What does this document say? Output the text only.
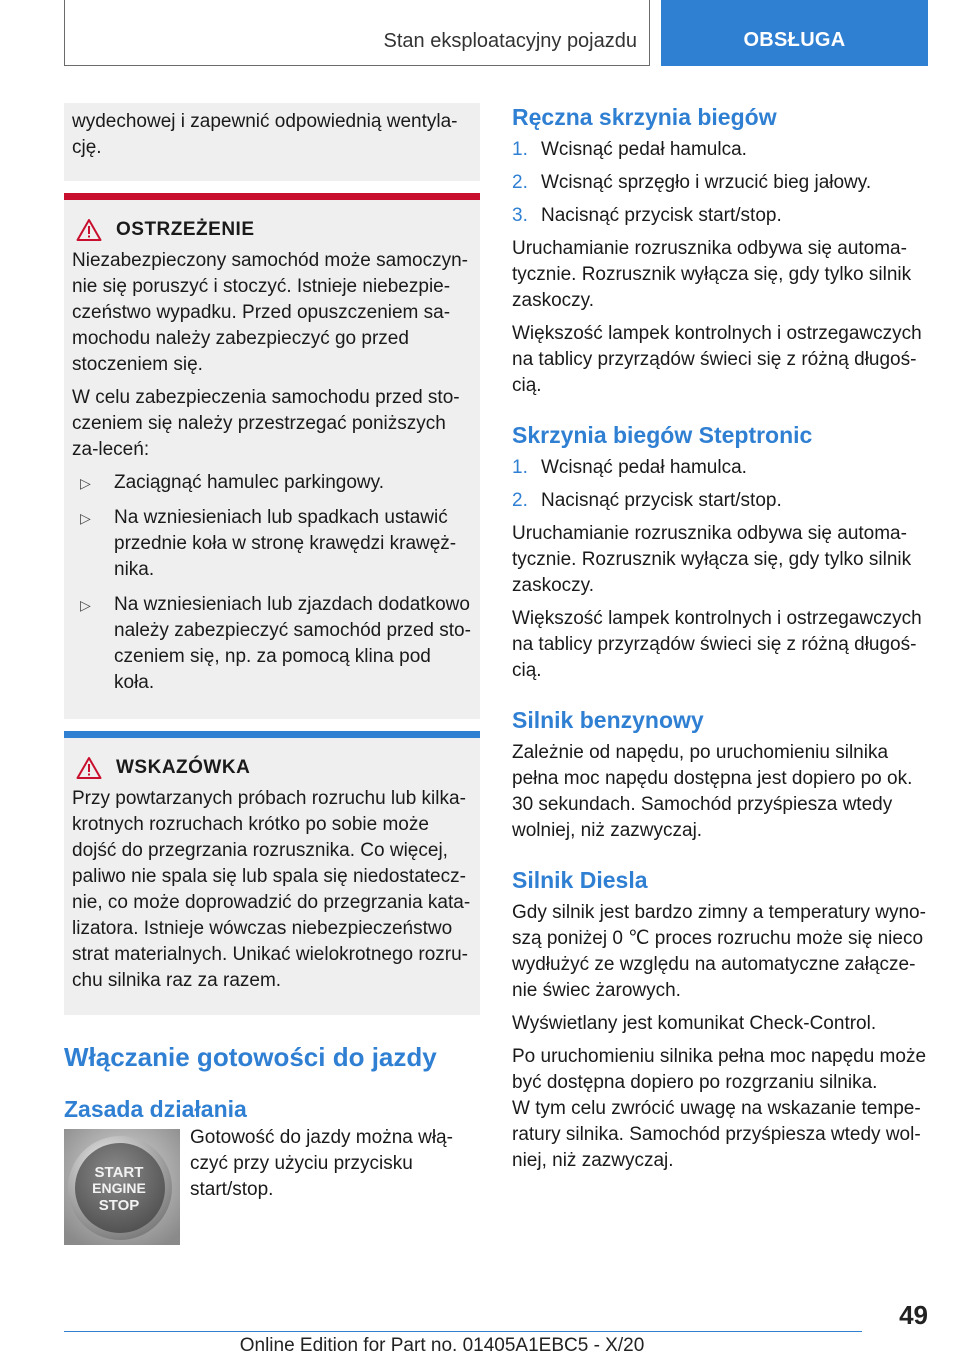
Stan eksploatacyjny pojazdu	OBSŁUGA

wydechowej i zapewnić odpowiednią wentyla-

cję.

OSTRZEŻENIE

Niezabezpieczony samochód może samoczyn-nie się poruszyć i stoczyć. Istnieje niebezpie-czeństwo wypadku. Przed opuszczeniem sa-mochodu należy zabezpieczyć go przed stoczeniem się.

W celu zabezpieczenia samochodu przed sto-czeniem się należy przestrzegać poniższych za-leceń:

▷ Zaciągnąć hamulec parkingowy.
▷ Na wzniesieniach lub spadkach ustawić przednie koła w stronę krawędzi krawęż-nika.
▷ Na wzniesieniach lub zjazdach dodatkowo należy zabezpieczyć samochód przed sto-czeniem się, np. za pomocą klina pod koła.
WSKAZÓWKA

Przy powtarzanych próbach rozruchu lub kilka-krotnych rozruchach krótko po sobie może dojść do przegrzania rozrusznika. Co więcej, paliwo nie spala się lub spala się niedostatecz-nie, co może doprowadzić do przegrzania kata-lizatora. Istnieje wówczas niebezpieczeństwo strat materialnych. Unikać wielokrotnego rozru-chu silnika raz za razem.

Włączanie gotowości do jazdy
Zasada działania
START
ENGINE
STOP

Gotowość do jazdy można włą-czyć przy użyciu przycisku start/stop.

Ręczna skrzynia biegów
1. Wcisnąć pedał hamulca.
2. Wcisnąć sprzęgło i wrzucić bieg jałowy.
3. Nacisnąć przycisk start/stop.

Uruchamianie rozrusznika odbywa się automa-tycznie. Rozrusznik wyłącza się, gdy tylko silnik zaskoczy.

Większość lampek kontrolnych i ostrzegawczych na tablicy przyrządów świeci się z różną długoś-cią.

Skrzynia biegów Steptronic
1. Wcisnąć pedał hamulca.
2. Nacisnąć przycisk start/stop.

Uruchamianie rozrusznika odbywa się automa-tycznie. Rozrusznik wyłącza się, gdy tylko silnik zaskoczy.

Większość lampek kontrolnych i ostrzegawczych na tablicy przyrządów świeci się z różną długoś-cią.

Silnik benzynowy

Zależnie od napędu, po uruchomieniu silnika pełna moc napędu dostępna jest dopiero po ok. 30 sekundach. Samochód przyśpiesza wtedy wolniej, niż zazwyczaj.

Silnik Diesla

Gdy silnik jest bardzo zimny a temperatury wyno-szą poniżej 0 ℃ proces rozruchu może się nieco wydłużyć ze względu na automatyczne załącze-nie świec żarowych.

Wyświetlany jest komunikat Check-Control.

Po uruchomieniu silnika pełna moc napędu może być dostępna dopiero po rozgrzaniu silnika.
W tym celu zwrócić uwagę na wskazanie tempe-ratury silnika. Samochód przyśpiesza wtedy wol-niej, niż zazwyczaj.

49
Online Edition for Part no. 01405A1EBC5 - X/20
